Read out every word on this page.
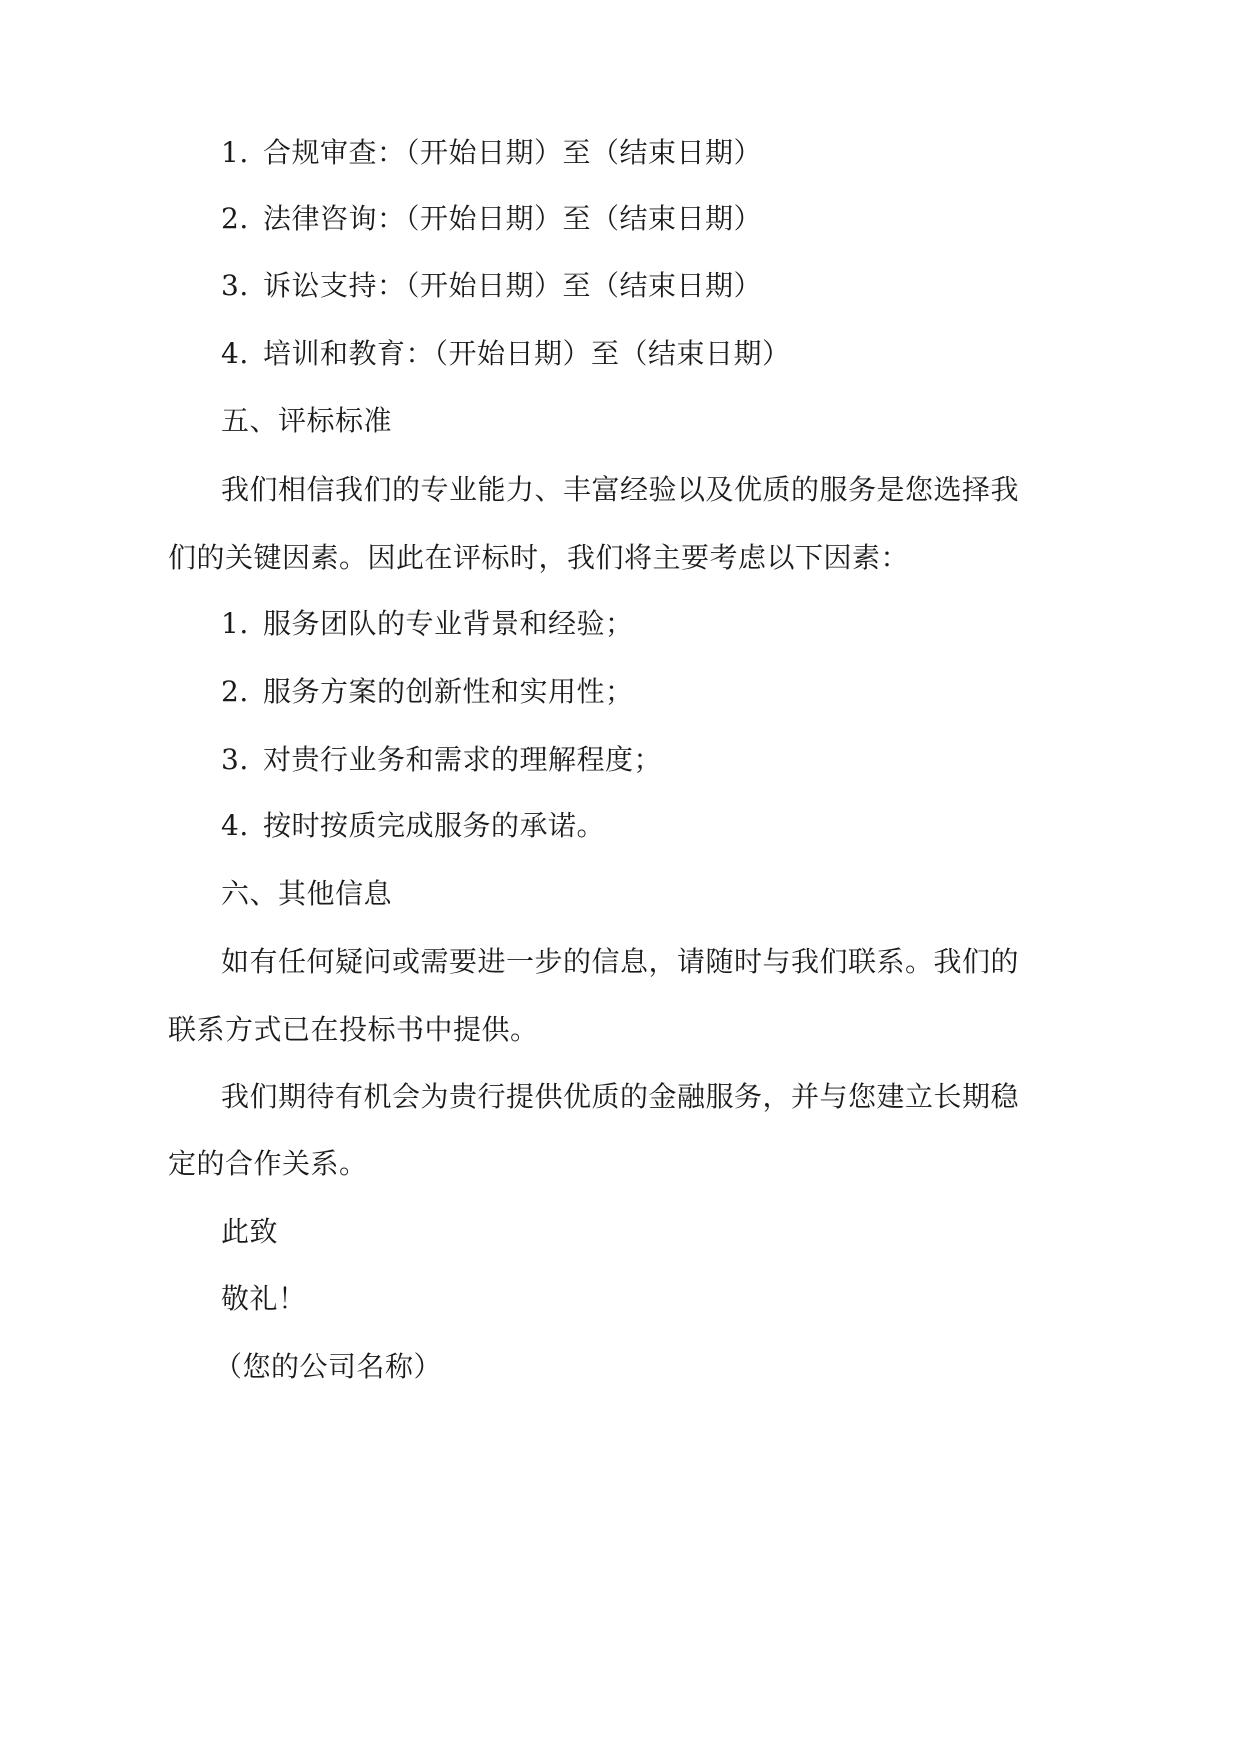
1. 合规审查：（开始日期）至（结束日期）
2. 法律咨询：（开始日期）至（结束日期）
3. 诉讼支持：（开始日期）至（结束日期）
4. 培训和教育：（开始日期）至（结束日期）
五、评标标准
我们相信我们的专业能力、丰富经验以及优质的服务是您选择我
们的关键因素。因此在评标时，我们将主要考虑以下因素：
1. 服务团队的专业背景和经验；
2. 服务方案的创新性和实用性；
3. 对贵行业务和需求的理解程度；
4. 按时按质完成服务的承诺。
六、其他信息
如有任何疑问或需要进一步的信息，请随时与我们联系。我们的
联系方式已在投标书中提供。
我们期待有机会为贵行提供优质的金融服务，并与您建立长期稳
定的合作关系。
此致
敬礼！
（您的公司名称）
